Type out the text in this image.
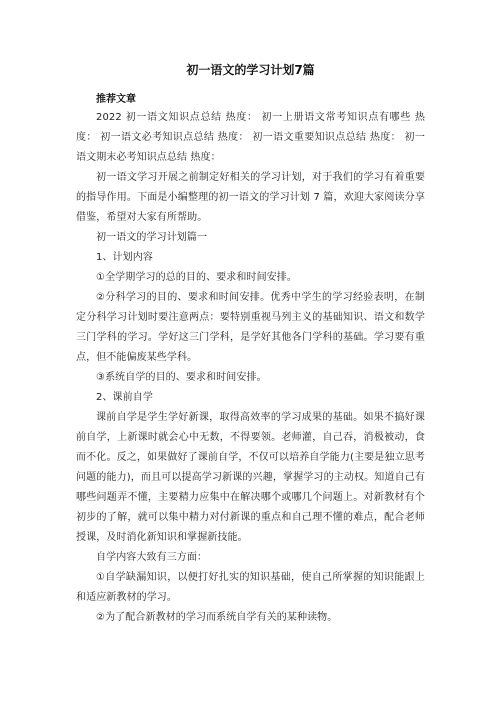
初一语文的学习计划7篇
推荐文章

2022 初一语文知识点总结 热度： 初一上册语文常考知识点有哪些 热度： 初一语文必考知识点总结 热度： 初一语文重要知识点总结 热度： 初一语文期末必考知识点总结 热度：

初一语文学习开展之前制定好相关的学习计划，对于我们的学习有着重要的指导作用。下面是小编整理的初一语文的学习计划 7 篇，欢迎大家阅读分享借鉴，希望对大家有所帮助。

初一语文的学习计划篇一

1、计划内容

①全学期学习的总的目的、要求和时间安排。

②分科学习的目的、要求和时间安排。优秀中学生的学习经验表明，在制定分科学习计划时要注意两点：要特别重视马列主义的基础知识、语文和数学三门学科的学习。学好这三门学科，是学好其他各门学科的基础。学习要有重点，但不能偏废某些学科。

③系统自学的目的、要求和时间安排。

2、课前自学

课前自学是学生学好新课，取得高效率的学习成果的基础。如果不搞好课前自学，上新课时就会心中无数，不得要领。老师灌，自己吞，消极被动，食而不化。反之，如果做好了课前自学，不仅可以培养自学能力(主要是独立思考问题的能力)，而且可以提高学习新课的兴趣，掌握学习的主动权。知道自己有哪些问题弄不懂，主要精力应集中在解决哪个或哪几个问题上。对新教材有个初步的了解，就可以集中精力对付新课的重点和自己理不懂的难点，配合老师授课，及时消化新知识和掌握新技能。

自学内容大致有三方面：

①自学缺漏知识，以便打好扎实的知识基础，使自己所掌握的知识能跟上和适应新教材的学习。

②为了配合新教材的学习而系统自学有关的某种读物。
